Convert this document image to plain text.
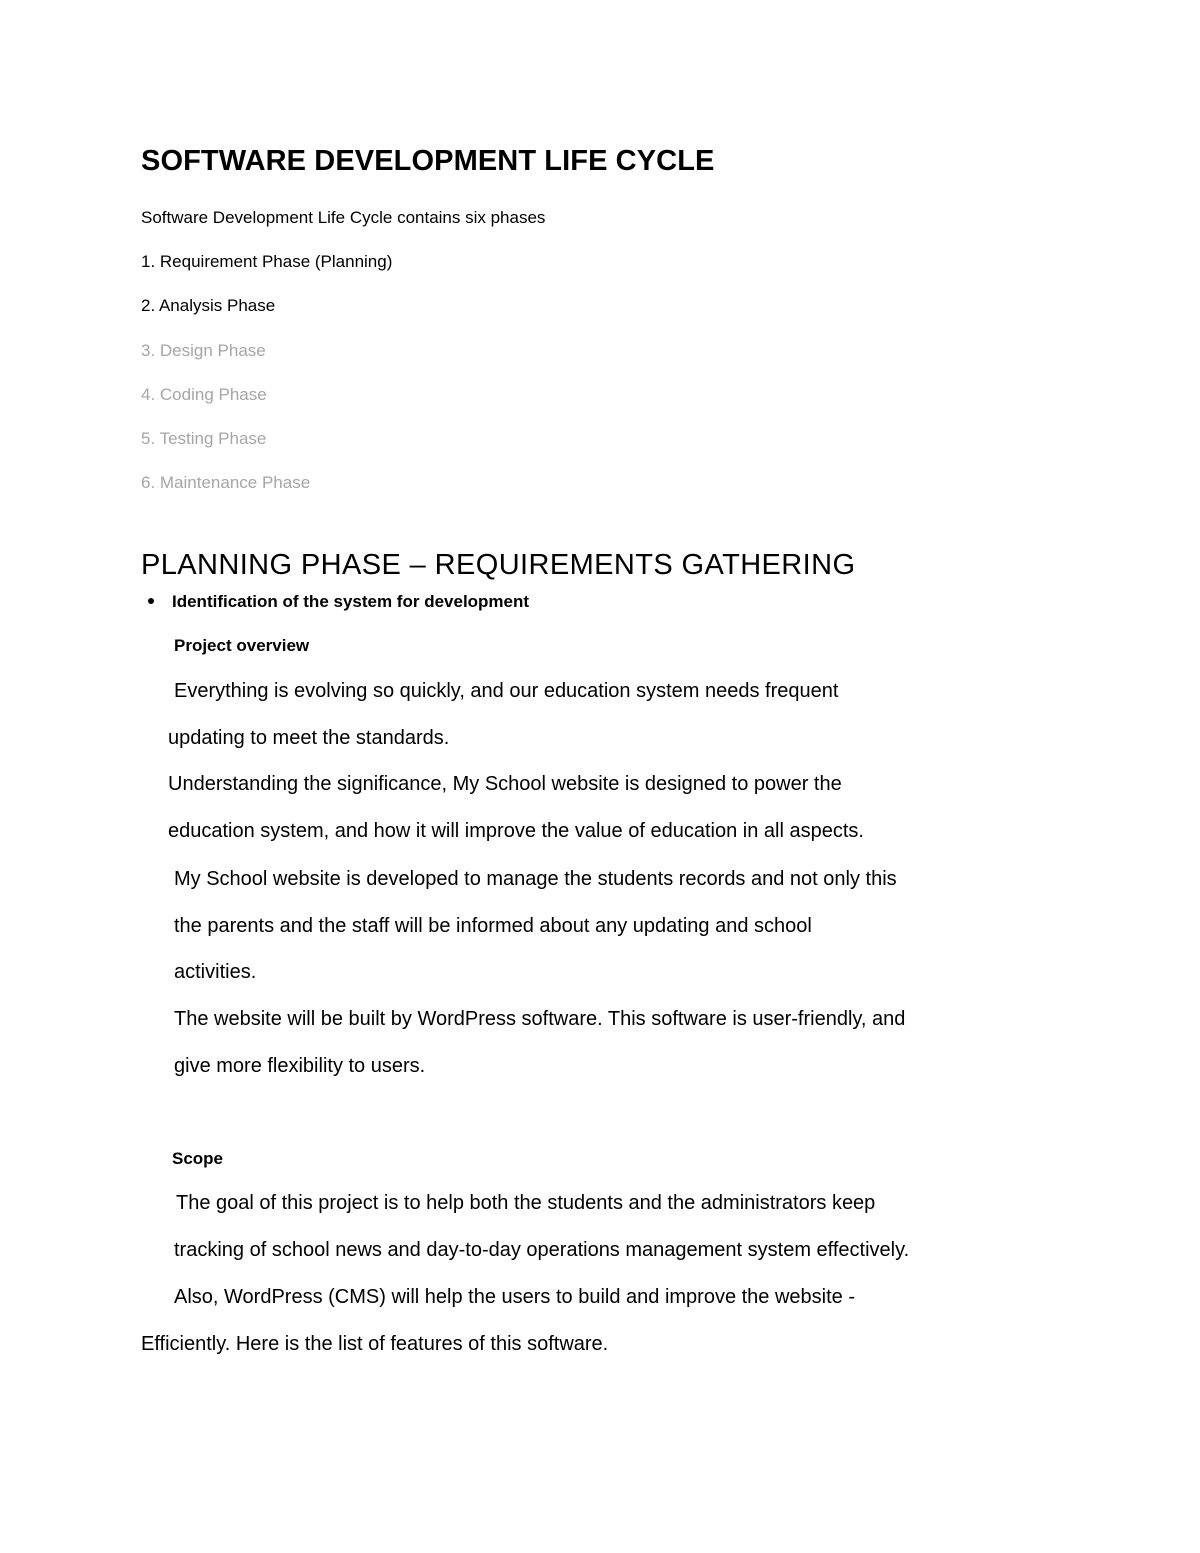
SOFTWARE DEVELOPMENT LIFE CYCLE
Software Development Life Cycle contains six phases
1. Requirement Phase (Planning)
2. Analysis Phase
3. Design Phase
4. Coding Phase
5. Testing Phase
6. Maintenance Phase
PLANNING PHASE – REQUIREMENTS GATHERING
Identification of the system for development
Project overview
Everything is evolving so quickly, and our education system needs frequent
updating to meet the standards.
Understanding the significance, My School website is designed to power the
education system, and how it will improve the value of education in all aspects.
My School website is developed to manage the students records and not only this
the parents and the staff will be informed about any updating and school
activities.
The website will be built by WordPress software. This software is user-friendly, and
give more flexibility to users.
Scope
The goal of this project is to help both the students and the administrators keep
tracking of school news and day-to-day operations management system effectively.
Also, WordPress (CMS) will help the users to build and improve the website -
Efficiently. Here is the list of features of this software.
